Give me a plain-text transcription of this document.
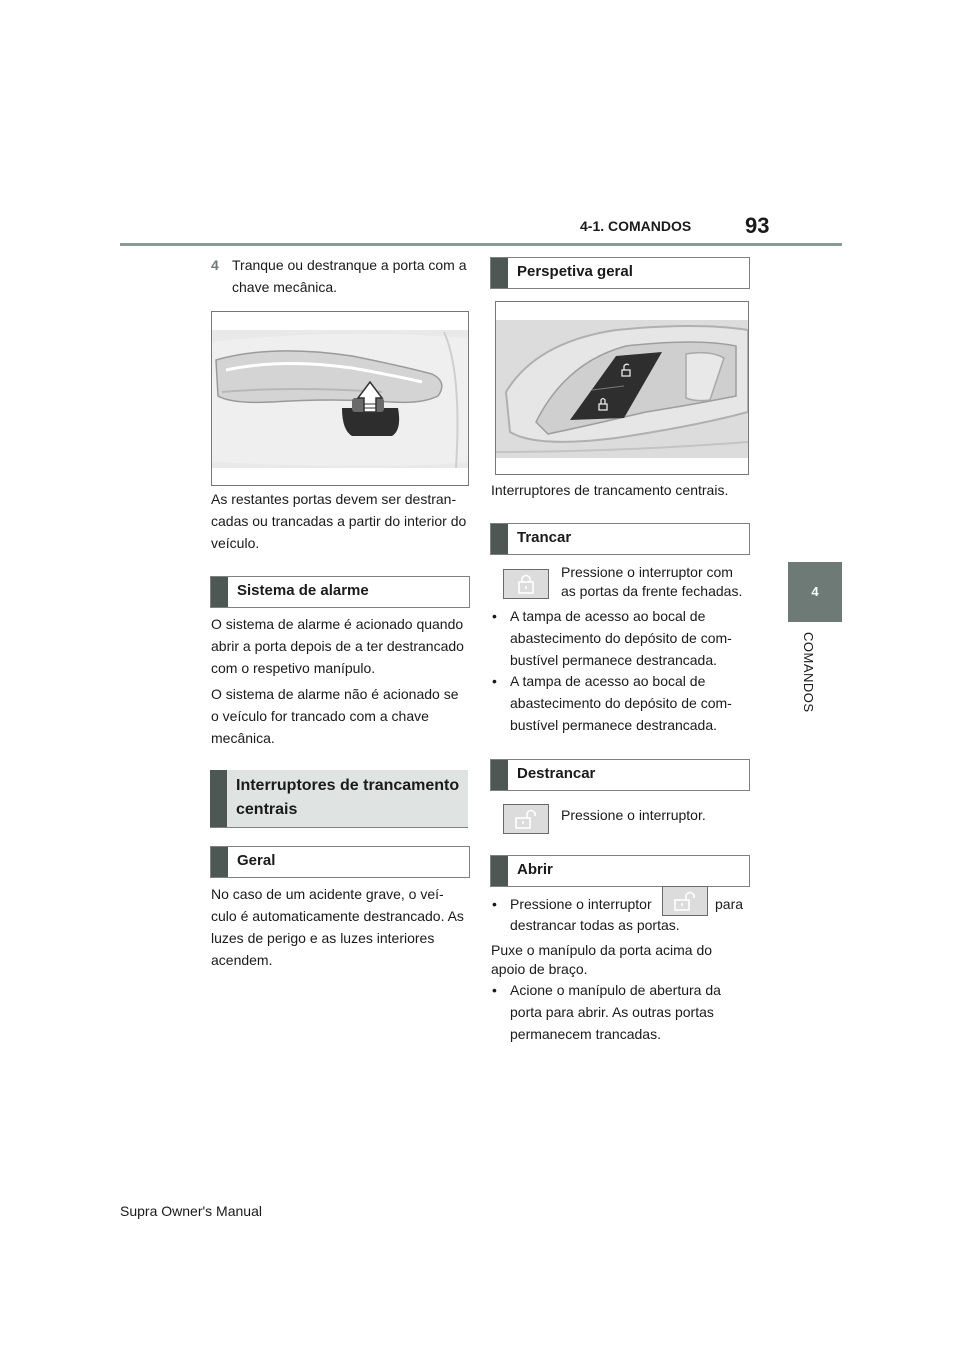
4-1. COMANDOS 93
4
COMANDOS
4 Tranque ou destranque a porta com a chave mecânica.
As restantes portas devem ser destran-cadas ou trancadas a partir do interior do veículo.
Sistema de alarme
O sistema de alarme é acionado quando abrir a porta depois de a ter destrancado com o respetivo manípulo.
O sistema de alarme não é acionado se o veículo for trancado com a chave mecânica.
Interruptores de trancamento centrais
Geral
No caso de um acidente grave, o veí-culo é automaticamente destrancado. As luzes de perigo e as luzes interiores acendem.
Perspetiva geral
Interruptores de trancamento centrais.
Trancar
Pressione o interruptor com as portas da frente fechadas.
• A tampa de acesso ao bocal de abastecimento do depósito de com-bustível permanece destrancada.
• A tampa de acesso ao bocal de abastecimento do depósito de com-bustível permanece destrancada.
Destrancar
Pressione o interruptor.
Abrir
• Pressione o interruptor	para
destrancar todas as portas.
Puxe o manípulo da porta acima do apoio de braço.
• Acione o manípulo de abertura da porta para abrir. As outras portas permanecem trancadas.
Supra Owner's Manual
